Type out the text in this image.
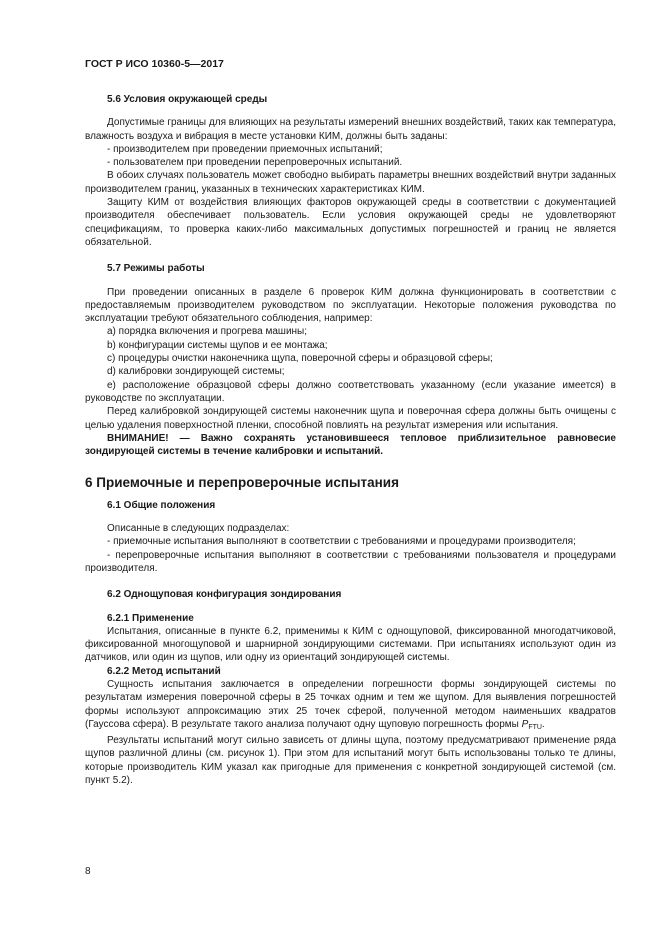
ГОСТ Р ИСО 10360-5—2017

5.6 Условия окружающей среды

Допустимые границы для влияющих на результаты измерений внешних воздействий, таких как температура, влажность воздуха и вибрация в месте установки КИМ, должны быть заданы:

- производителем при проведении приемочных испытаний;

- пользователем при проведении перепроверочных испытаний.

В обоих случаях пользователь может свободно выбирать параметры внешних воздействий внутри заданных производителем границ, указанных в технических характеристиках КИМ.

Защиту КИМ от воздействия влияющих факторов окружающей среды в соответствии с документацией производителя обеспечивает пользователь. Если условия окружающей среды не удовлетворяют спецификациям, то проверка каких-либо максимальных допустимых погрешностей и границ не является обязательной.

5.7 Режимы работы

При проведении описанных в разделе 6 проверок КИМ должна функционировать в соответствии с предоставляемым производителем руководством по эксплуатации. Некоторые положения руководства по эксплуатации требуют обязательного соблюдения, например:

a) порядка включения и прогрева машины;

b) конфигурации системы щупов и ее монтажа;

c) процедуры очистки наконечника щупа, поверочной сферы и образцовой сферы;

d) калибровки зондирующей системы;

e) расположение образцовой сферы должно соответствовать указанному (если указание имеется) в руководстве по эксплуатации.

Перед калибровкой зондирующей системы наконечник щупа и поверочная сфера должны быть очищены с целью удаления поверхностной пленки, способной повлиять на результат измерения или испытания.

ВНИМАНИЕ! — Важно сохранять установившееся тепловое приблизительное равновесие зондирующей системы в течение калибровки и испытаний.

6 Приемочные и перепроверочные испытания

6.1 Общие положения

Описанные в следующих подразделах:

- приемочные испытания выполняют в соответствии с требованиями и процедурами производителя;

- перепроверочные испытания выполняют в соответствии с требованиями пользователя и процедурами производителя.

6.2 Однощуповая конфигурация зондирования

6.2.1 Применение

Испытания, описанные в пункте 6.2, применимы к КИМ с однощуповой, фиксированной многодатчиковой, фиксированной многощуповой и шарнирной зондирующими системами. При испытаниях используют один из датчиков, или один из щупов, или одну из ориентаций зондирующей системы.

6.2.2 Метод испытаний

Сущность испытания заключается в определении погрешности формы зондирующей системы по результатам измерения поверочной сферы в 25 точках одним и тем же щупом. Для выявления погрешностей формы используют аппроксимацию этих 25 точек сферой, полученной методом наименьших квадратов (Гауссова сфера). В результате такого анализа получают одну щуповую погрешность формы $P_{FTU}$.

Результаты испытаний могут сильно зависеть от длины щупа, поэтому предусматривают применение ряда щупов различной длины (см. рисунок 1). При этом для испытаний могут быть использованы только те длины, которые производитель КИМ указал как пригодные для применения с конкретной зондирующей системой (см. пункт 5.2).

8
